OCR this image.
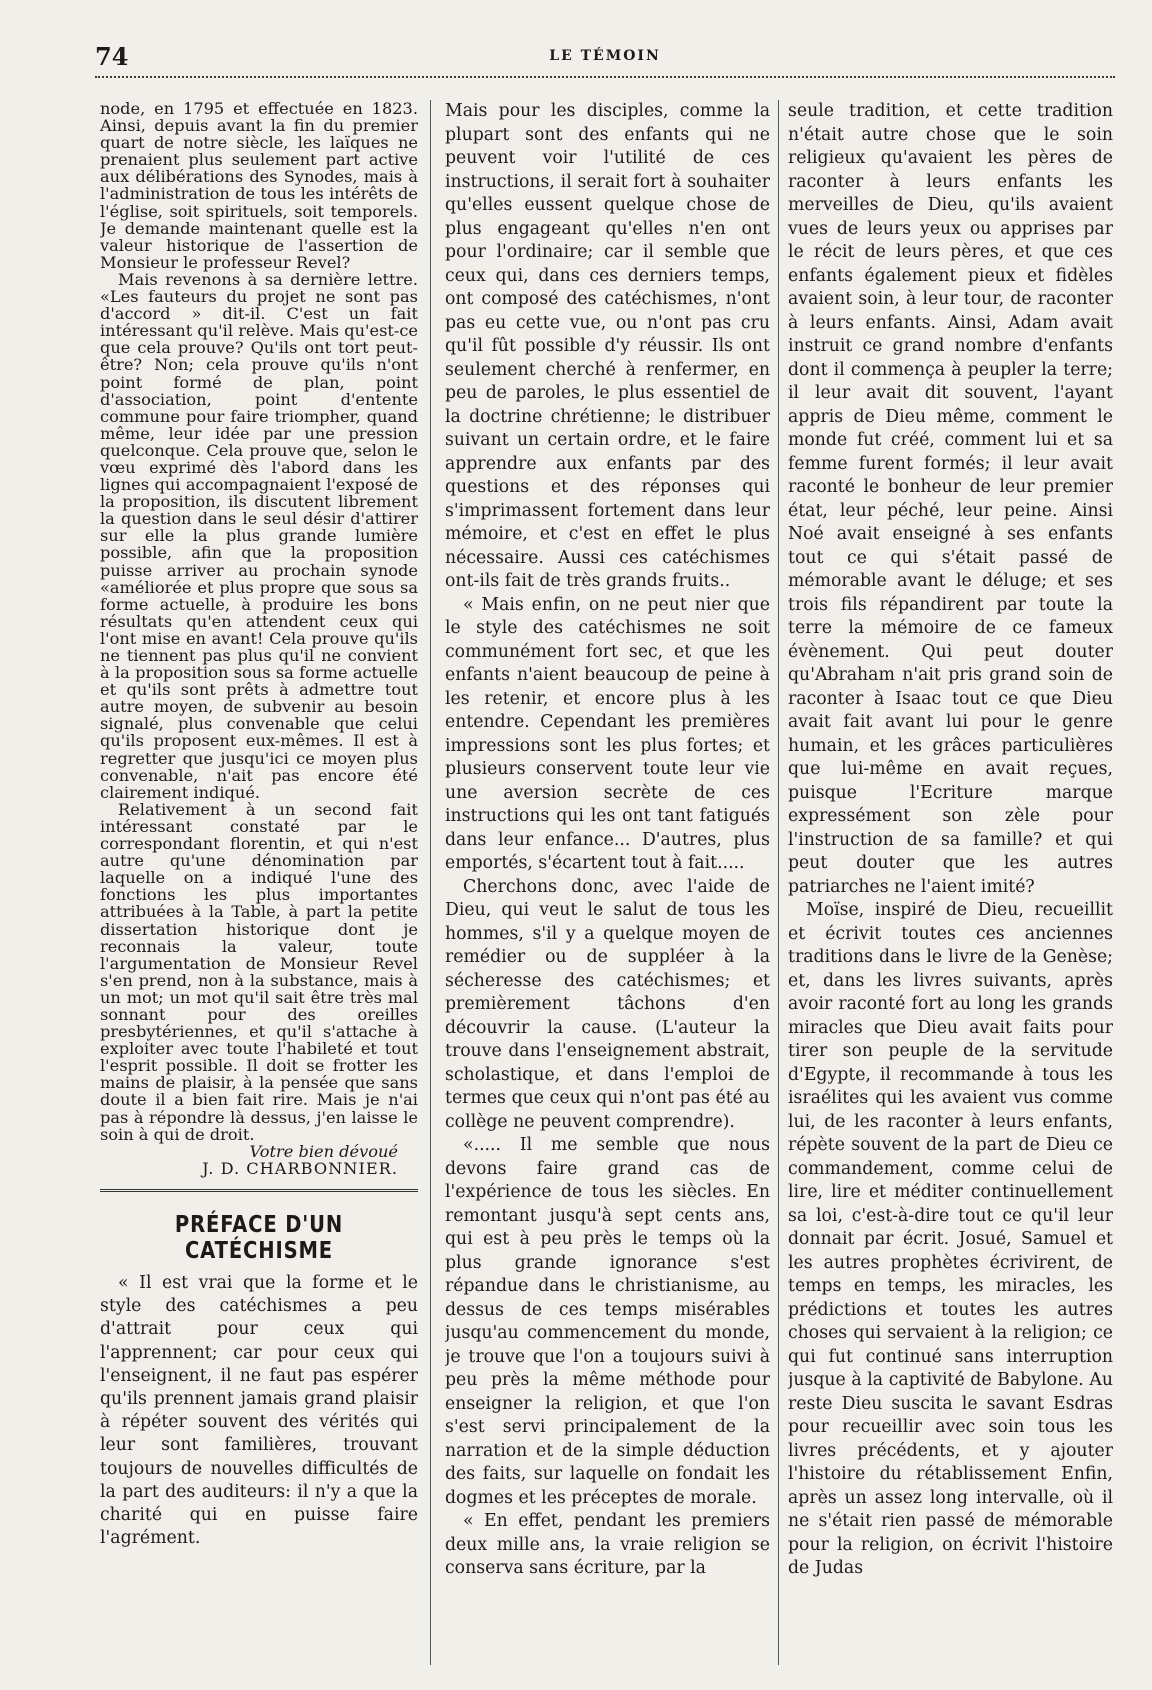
74	LE TÉMOIN

node, en 1795 et effectuée en 1823. Ainsi, depuis avant la fin du premier quart de notre siècle, les laïques ne prenaient plus seulement part active aux délibérations des Synodes, mais à l'administration de tous les intérêts de l'église, soit spirituels, soit temporels. Je demande maintenant quelle est la valeur historique de l'assertion de Monsieur le professeur Revel?

Mais revenons à sa dernière lettre. «Les fauteurs du projet ne sont pas d'accord » dit-il. C'est un fait intéressant qu'il relève. Mais qu'est-ce que cela prouve? Qu'ils ont tort peut-être? Non; cela prouve qu'ils n'ont point formé de plan, point d'association, point d'entente commune pour faire triompher, quand même, leur idée par une pression quelconque. Cela prouve que, selon le vœu exprimé dès l'abord dans les lignes qui accompagnaient l'exposé de la proposition, ils discutent librement la question dans le seul désir d'attirer sur elle la plus grande lumière possible, afin que la proposition puisse arriver au prochain synode «améliorée et plus propre que sous sa forme actuelle, à produire les bons résultats qu'en attendent ceux qui l'ont mise en avant! Cela prouve qu'ils ne tiennent pas plus qu'il ne convient à la proposition sous sa forme actuelle et qu'ils sont prêts à admettre tout autre moyen, de subvenir au besoin signalé, plus convenable que celui qu'ils proposent eux-mêmes. Il est à regretter que jusqu'ici ce moyen plus convenable, n'ait pas encore été clairement indiqué.

Relativement à un second fait intéressant constaté par le correspondant florentin, et qui n'est autre qu'une dénomination par laquelle on a indiqué l'une des fonctions les plus importantes attribuées à la Table, à part la petite dissertation historique dont je reconnais la valeur, toute l'argumentation de Monsieur Revel s'en prend, non à la substance, mais à un mot; un mot qu'il sait être très mal sonnant pour des oreilles presbytériennes, et qu'il s'attache à exploiter avec toute l'habileté et tout l'esprit possible. Il doit se frotter les mains de plaisir, à la pensée que sans doute il a bien fait rire. Mais je n'ai pas à répondre là dessus, j'en laisse le soin à qui de droit.

Votre bien dévoué

J. D. CHARBONNIER.

PRÉFACE D'UN CATÉCHISME

« Il est vrai que la forme et le style des catéchismes a peu d'attrait pour ceux qui l'apprennent; car pour ceux qui l'enseignent, il ne faut pas espérer qu'ils prennent jamais grand plaisir à répéter souvent des vérités qui leur sont familières, trouvant toujours de nouvelles difficultés de la part des auditeurs: il n'y a que la charité qui en puisse faire l'agrément.

Mais pour les disciples, comme la plupart sont des enfants qui ne peuvent voir l'utilité de ces instructions, il serait fort à souhaiter qu'elles eussent quelque chose de plus engageant qu'elles n'en ont pour l'ordinaire; car il semble que ceux qui, dans ces derniers temps, ont composé des catéchismes, n'ont pas eu cette vue, ou n'ont pas cru qu'il fût possible d'y réussir. Ils ont seulement cherché à renfermer, en peu de paroles, le plus essentiel de la doctrine chrétienne; le distribuer suivant un certain ordre, et le faire apprendre aux enfants par des questions et des réponses qui s'imprimassent fortement dans leur mémoire, et c'est en effet le plus nécessaire. Aussi ces catéchismes ont-ils fait de très grands fruits..

« Mais enfin, on ne peut nier que le style des catéchismes ne soit communément fort sec, et que les enfants n'aient beaucoup de peine à les retenir, et encore plus à les entendre. Cependant les premières impressions sont les plus fortes; et plusieurs conservent toute leur vie une aversion secrète de ces instructions qui les ont tant fatigués dans leur enfance... D'autres, plus emportés, s'écartent tout à fait.....

Cherchons donc, avec l'aide de Dieu, qui veut le salut de tous les hommes, s'il y a quelque moyen de remédier ou de suppléer à la sécheresse des catéchismes; et premièrement tâchons d'en découvrir la cause. (L'auteur la trouve dans l'enseignement abstrait, scholastique, et dans l'emploi de termes que ceux qui n'ont pas été au collège ne peuvent comprendre).

«..... Il me semble que nous devons faire grand cas de l'expérience de tous les siècles. En remontant jusqu'à sept cents ans, qui est à peu près le temps où la plus grande ignorance s'est répandue dans le christianisme, au dessus de ces temps misérables jusqu'au commencement du monde, je trouve que l'on a toujours suivi à peu près la même méthode pour enseigner la religion, et que l'on s'est servi principalement de la narration et de la simple déduction des faits, sur laquelle on fondait les dogmes et les préceptes de morale.

« En effet, pendant les premiers deux mille ans, la vraie religion se conserva sans écriture, par la

seule tradition, et cette tradition n'était autre chose que le soin religieux qu'avaient les pères de raconter à leurs enfants les merveilles de Dieu, qu'ils avaient vues de leurs yeux ou apprises par le récit de leurs pères, et que ces enfants également pieux et fidèles avaient soin, à leur tour, de raconter à leurs enfants. Ainsi, Adam avait instruit ce grand nombre d'enfants dont il commença à peupler la terre; il leur avait dit souvent, l'ayant appris de Dieu même, comment le monde fut créé, comment lui et sa femme furent formés; il leur avait raconté le bonheur de leur premier état, leur péché, leur peine. Ainsi Noé avait enseigné à ses enfants tout ce qui s'était passé de mémorable avant le déluge; et ses trois fils répandirent par toute la terre la mémoire de ce fameux évènement. Qui peut douter qu'Abraham n'ait pris grand soin de raconter à Isaac tout ce que Dieu avait fait avant lui pour le genre humain, et les grâces particulières que lui-même en avait reçues, puisque l'Ecriture marque expressément son zèle pour l'instruction de sa famille? et qui peut douter que les autres patriarches ne l'aient imité?

Moïse, inspiré de Dieu, recueillit et écrivit toutes ces anciennes traditions dans le livre de la Genèse; et, dans les livres suivants, après avoir raconté fort au long les grands miracles que Dieu avait faits pour tirer son peuple de la servitude d'Egypte, il recommande à tous les israélites qui les avaient vus comme lui, de les raconter à leurs enfants, répète souvent de la part de Dieu ce commandement, comme celui de lire, lire et méditer continuellement sa loi, c'est-à-dire tout ce qu'il leur donnait par écrit. Josué, Samuel et les autres prophètes écrivirent, de temps en temps, les miracles, les prédictions et toutes les autres choses qui servaient à la religion; ce qui fut continué sans interruption jusque à la captivité de Babylone. Au reste Dieu suscita le savant Esdras pour recueillir avec soin tous les livres précédents, et y ajouter l'histoire du rétablissement Enfin, après un assez long intervalle, où il ne s'était rien passé de mémorable pour la religion, on écrivit l'histoire de Judas
